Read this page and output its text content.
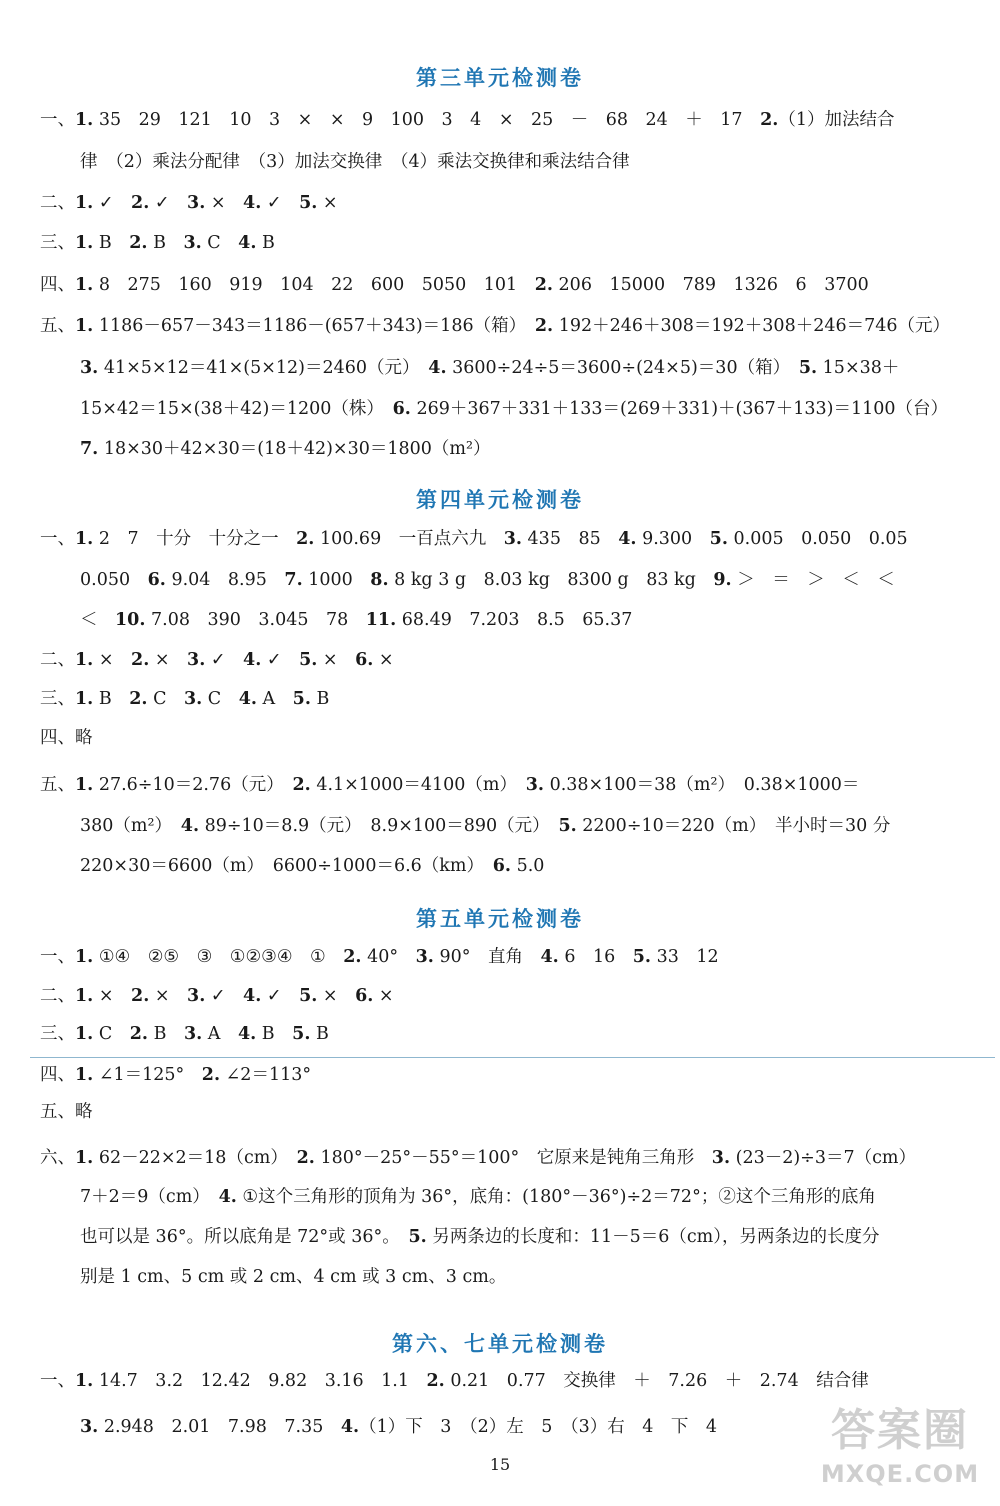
第三单元检测卷
一、1. 35　29　121　10　3　×　×　9　100　3　4　×　25　－　68　24　＋　17　2.（1）加法结合
律　（2）乘法分配律　（3）加法交换律　（4）乘法交换律和乘法结合律
二、1. ✓　2. ✓　3. ×　4. ✓　5. ×
三、1. B　2. B　3. C　4. B
四、1. 8　275　160　919　104　22　600　5050　101　2. 206　15000　789　1326　6　3700
五、1. 1186－657－343＝1186－(657＋343)＝186（箱）　2. 192＋246＋308＝192＋308＋246＝746（元）
3. 41×5×12＝41×(5×12)＝2460（元）　4. 3600÷24÷5＝3600÷(24×5)＝30（箱）　5. 15×38＋
15×42＝15×(38＋42)＝1200（株）　6. 269＋367＋331＋133＝(269＋331)＋(367＋133)＝1100（台）
7. 18×30＋42×30＝(18＋42)×30＝1800（m²）
第四单元检测卷
一、1. 2　7　十分　十分之一　2. 100.69　一百点六九　3. 435　85　4. 9.300　5. 0.005　0.050　0.05
0.050　6. 9.04　8.95　7. 1000　8. 8 kg 3 g　8.03 kg　8300 g　83 kg　9. ＞　＝　＞　＜　＜
＜　10. 7.08　390　3.045　78　11. 68.49　7.203　8.5　65.37
二、1. ×　2. ×　3. ✓　4. ✓　5. ×　6. ×
三、1. B　2. C　3. C　4. A　5. B
四、略
五、1. 27.6÷10＝2.76（元）　2. 4.1×1000＝4100（m）　3. 0.38×100＝38（m²）　0.38×1000＝
380（m²）　4. 89÷10＝8.9（元）　8.9×100＝890（元）　5. 2200÷10＝220（m）　半小时＝30 分
220×30＝6600（m）　6600÷1000＝6.6（km）　6. 5.0
第五单元检测卷
一、1. ①④　②⑤　③　①②③④　①　2. 40°　3. 90°　直角　4. 6　16　5. 33　12
二、1. ×　2. ×　3. ✓　4. ✓　5. ×　6. ×
三、1. C　2. B　3. A　4. B　5. B
四、1. ∠1＝125°　2. ∠2＝113°
五、略
六、1. 62－22×2＝18（cm）　2. 180°－25°－55°＝100°　它原来是钝角三角形　3. (23－2)÷3＝7（cm）
7＋2＝9（cm）　4. ①这个三角形的顶角为 36°，底角：(180°－36°)÷2＝72°；②这个三角形的底角
也可以是 36°。所以底角是 72°或 36°。　5. 另两条边的长度和：11－5＝6（cm），另两条边的长度分
别是 1 cm、5 cm 或 2 cm、4 cm 或 3 cm、3 cm。
第六、七单元检测卷
一、1. 14.7　3.2　12.42　9.82　3.16　1.1　2. 0.21　0.77　交换律　＋　7.26　＋　2.74　结合律
3. 2.948　2.01　7.98　7.35　4.（1）下　3　（2）左　5　（3）右　4　下　4
15
答案圈
MXQE.COM
